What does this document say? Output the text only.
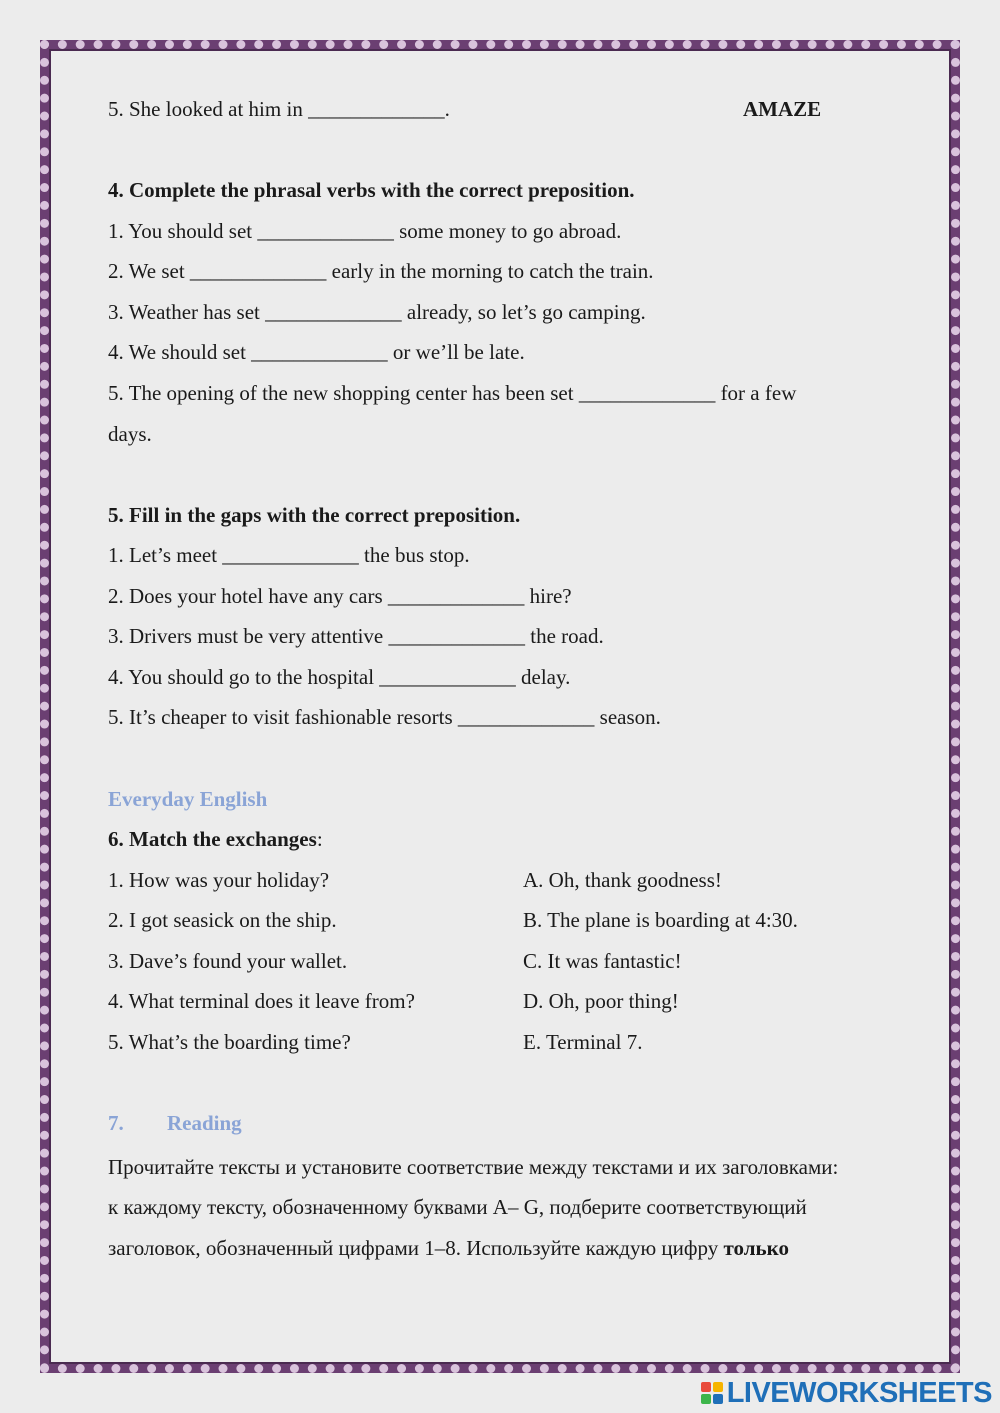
5. She looked at him in _____________.	AMAZE
4. Complete the phrasal verbs with the correct preposition.
1. You should set _____________ some money to go abroad.
2. We set _____________ early in the morning to catch the train.
3. Weather has set _____________ already, so let’s go camping.
4. We should set _____________ or we’ll be late.
5. The opening of the new shopping center has been set _____________ for a few
days.
5. Fill in the gaps with the correct preposition.
1. Let’s meet _____________ the bus stop.
2. Does your hotel have any cars _____________ hire?
3. Drivers must be very attentive _____________ the road.
4. You should go to the hospital _____________ delay.
5. It’s cheaper to visit fashionable resorts _____________ season.
Everyday English
6. Match the exchanges:
1. How was your holiday?
2. I got seasick on the ship.
3. Dave’s found your wallet.
4. What terminal does it leave from?
5. What’s the boarding time?
A. Oh, thank goodness!
B. The plane is boarding at 4:30.
C. It was fantastic!
D. Oh, poor thing!
E. Terminal 7.
7. Reading
Прочитайте тексты и установите соответствие между текстами и их заголовками:
к каждому тексту, обозначенному буквами А– G, подберите соответствующий
заголовок, обозначенный цифрами 1–8. Используйте каждую цифру только
LIVEWORKSHEETS
